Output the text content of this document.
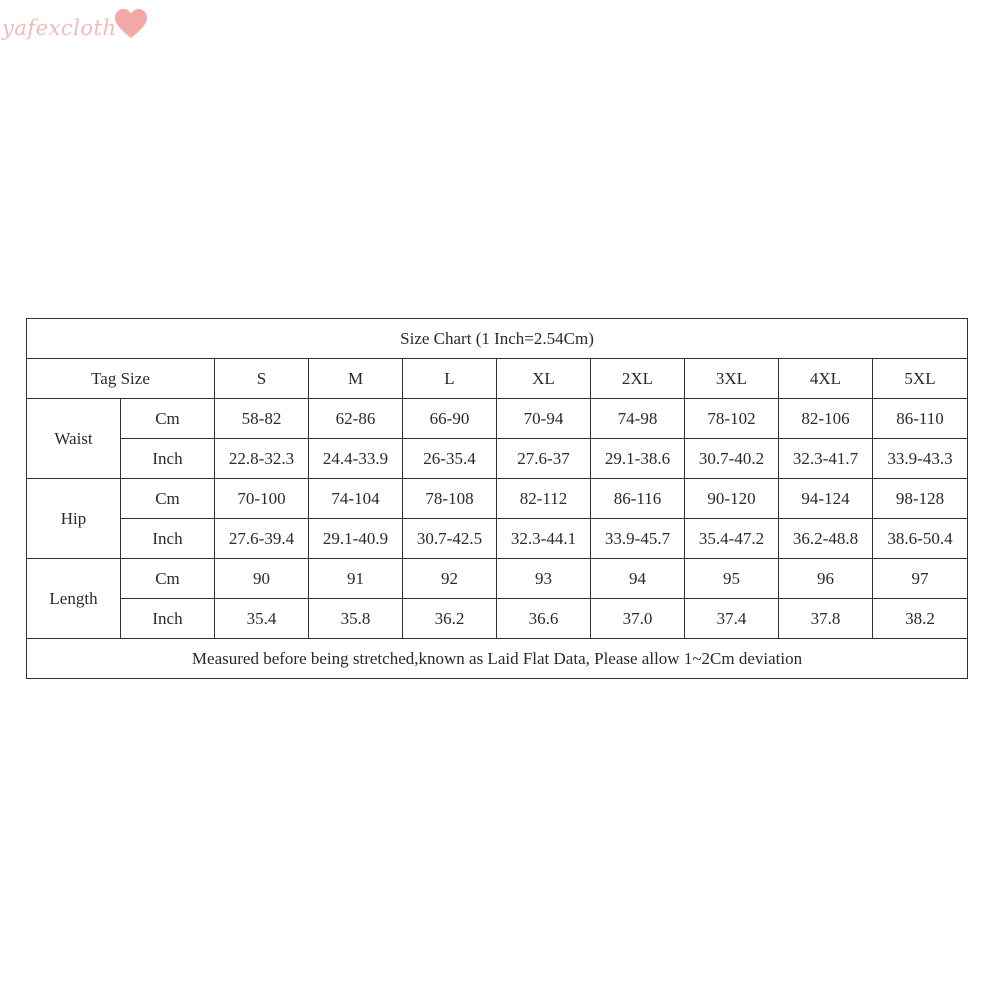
yafexcloth
Size Chart (1 Inch=2.54Cm)									
Tag Size		S	M	L	XL	2XL	3XL	4XL	5XL
Waist	Cm	58-82	62-86	66-90	70-94	74-98	78-102	82-106	86-110
	Inch	22.8-32.3	24.4-33.9	26-35.4	27.6-37	29.1-38.6	30.7-40.2	32.3-41.7	33.9-43.3
Hip	Cm	70-100	74-104	78-108	82-112	86-116	90-120	94-124	98-128
	Inch	27.6-39.4	29.1-40.9	30.7-42.5	32.3-44.1	33.9-45.7	35.4-47.2	36.2-48.8	38.6-50.4
Length	Cm	90	91	92	93	94	95	96	97
	Inch	35.4	35.8	36.2	36.6	37.0	37.4	37.8	38.2
Measured before being stretched,known as Laid Flat Data, Please allow 1~2Cm deviation									
